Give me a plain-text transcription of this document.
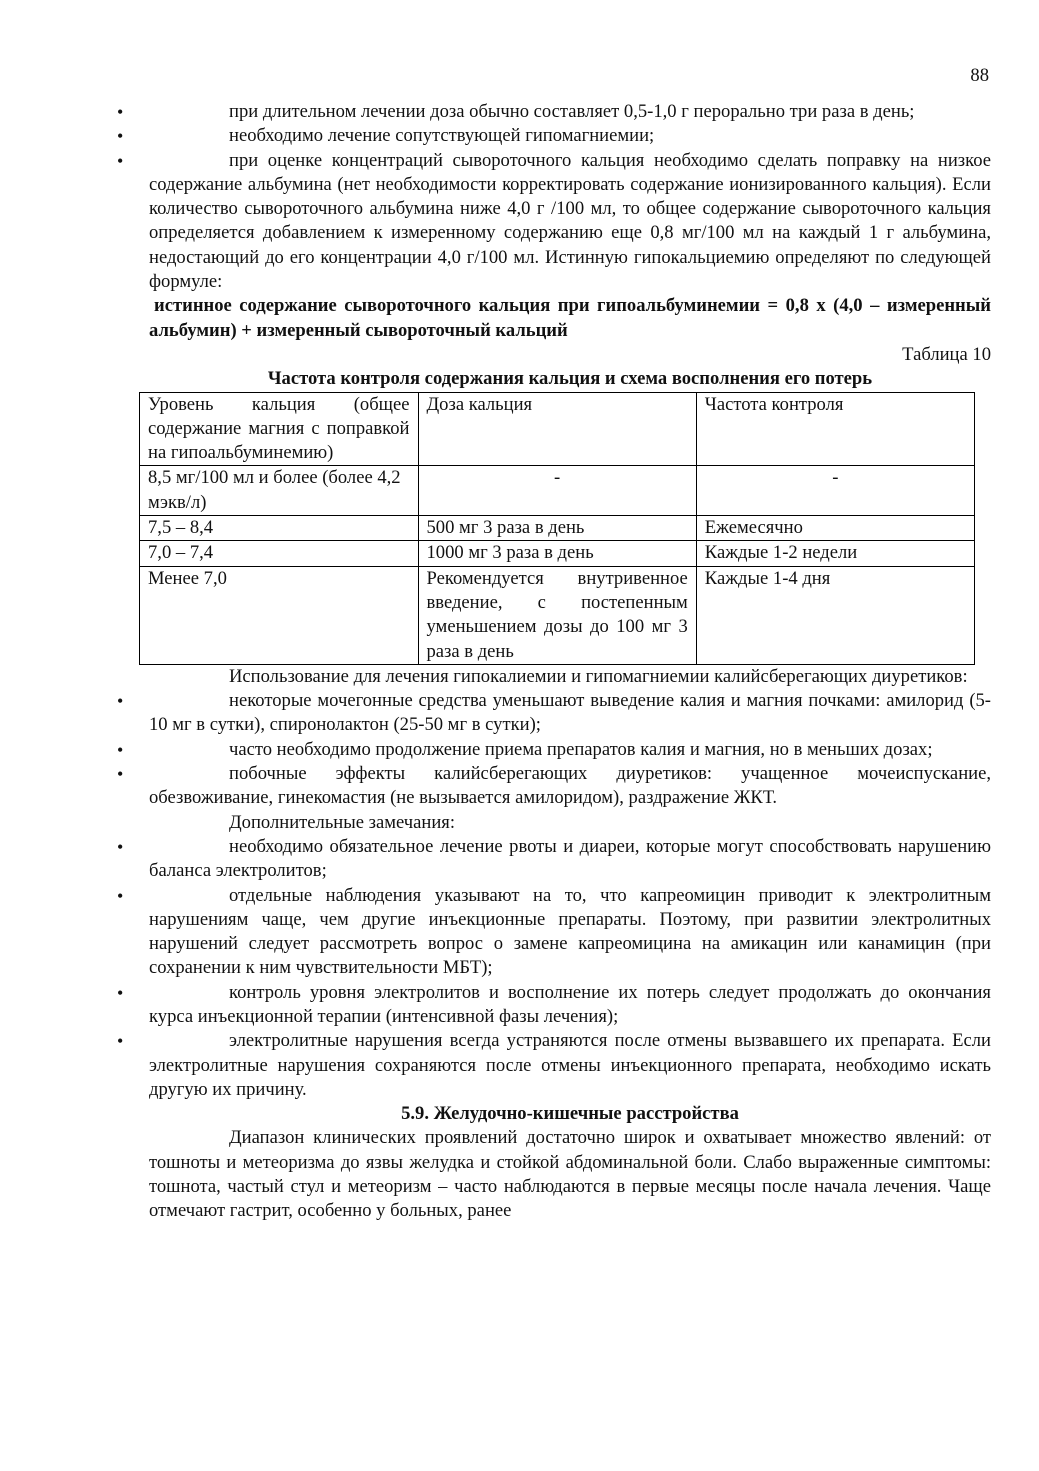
88

• при длительном лечении доза обычно составляет 0,5-1,0 г перорально три раза в день;

• необходимо лечение сопутствующей гипомагниемии;

• при оценке концентраций сывороточного кальция необходимо сделать поправку на низкое содержание альбумина (нет необходимости корректировать содержание ионизированного кальция). Если количество сывороточного альбумина ниже 4,0 г /100 мл, то общее содержание сывороточного кальция определяется добавлением к измеренному содержанию еще 0,8 мг/100 мл на каждый 1 г альбумина, недостающий до его концентрации 4,0 г/100 мл. Истинную гипокальциемию определяют по следующей формуле:

истинное содержание сывороточного кальция при гипоальбуминемии = 0,8 х (4,0 – измеренный альбумин) + измеренный сывороточный кальций

Таблица 10

Частота контроля содержания кальция и схема восполнения его потерь

Уровень кальция (общее содержание магния с поправкой на гипоальбуминемию)	Доза кальция	Частота контроля
8,5 мг/100 мл и более (более 4,2 мэкв/л)	-	-
7,5 – 8,4	500 мг 3 раза в день	Ежемесячно
7,0 – 7,4	1000 мг 3 раза в день	Каждые 1-2 недели
Менее 7,0	Рекомендуется внутривенное введение, с постепенным уменьшением дозы до 100 мг 3 раза в день	Каждые 1-4 дня

Использование для лечения гипокалиемии и гипомагниемии калийсберегающих диуретиков:

• некоторые мочегонные средства уменьшают выведение калия и магния почками: амилорид (5-10 мг в сутки), спиронолактон (25-50 мг в сутки);

• часто необходимо продолжение приема препаратов калия и магния, но в меньших дозах;

• побочные эффекты калийсберегающих диуретиков: учащенное мочеиспускание, обезвоживание, гинекомастия (не вызывается амилоридом), раздражение ЖКТ.

Дополнительные замечания:

• необходимо обязательное лечение рвоты и диареи, которые могут способствовать нарушению баланса электролитов;

• отдельные наблюдения указывают на то, что капреомицин приводит к электролитным нарушениям чаще, чем другие инъекционные препараты. Поэтому, при развитии электролитных нарушений следует рассмотреть вопрос о замене капреомицина на амикацин или канамицин (при сохранении к ним чувствительности МБТ);

• контроль уровня электролитов и восполнение их потерь следует продолжать до окончания курса инъекционной терапии (интенсивной фазы лечения);

• электролитные нарушения всегда устраняются после отмены вызвавшего их препарата. Если электролитные нарушения сохраняются после отмены инъекционного препарата, необходимо искать другую их причину.

5.9. Желудочно-кишечные расстройства

Диапазон клинических проявлений достаточно широк и охватывает множество явлений: от тошноты и метеоризма до язвы желудка и стойкой абдоминальной боли. Слабо выраженные симптомы: тошнота, частый стул и метеоризм – часто наблюдаются в первые месяцы после начала лечения. Чаще отмечают гастрит, особенно у больных, ранее
